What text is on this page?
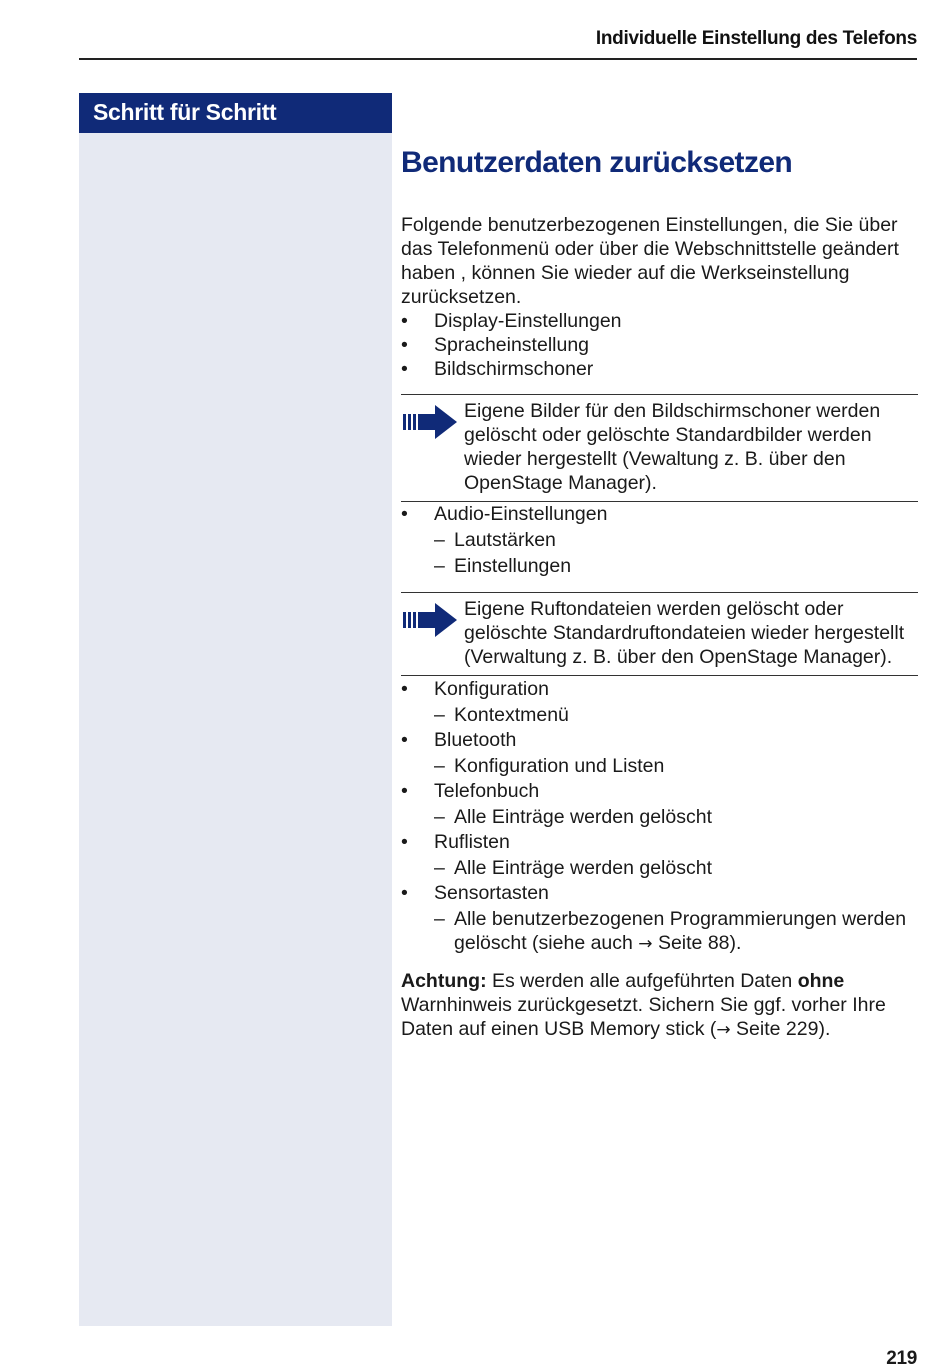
Individuelle Einstellung des Telefons
Schritt für Schritt
Benutzerdaten zurücksetzen

Folgende benutzerbezogenen Einstellungen, die Sie über das Telefonmenü oder über die Webschnittstelle geändert haben , können Sie wieder auf die Werkseinstellung zurücksetzen.

• Display-Einstellungen
• Spracheinstellung
• Bildschirmschoner

Eigene Bilder für den Bildschirmschoner werden gelöscht oder gelöschte Standardbilder werden wieder hergestellt (Vewaltung z. B. über den OpenStage Manager).

• Audio-Einstellungen
– Lautstärken
– Einstellungen

Eigene Ruftondateien werden gelöscht oder gelöschte Standardruftondateien wieder hergestellt (Verwaltung z. B. über den OpenStage Manager).

• Konfiguration
– Kontextmenü
• Bluetooth
– Konfiguration und Listen
• Telefonbuch
– Alle Einträge werden gelöscht
• Ruflisten
– Alle Einträge werden gelöscht
• Sensortasten
– Alle benutzerbezogenen Programmierungen werden gelöscht (siehe auch → Seite 88).

Achtung: Es werden alle aufgeführten Daten ohne Warnhinweis zurückgesetzt. Sichern Sie ggf. vorher Ihre Daten auf einen USB Memory stick (→ Seite 229).

219
